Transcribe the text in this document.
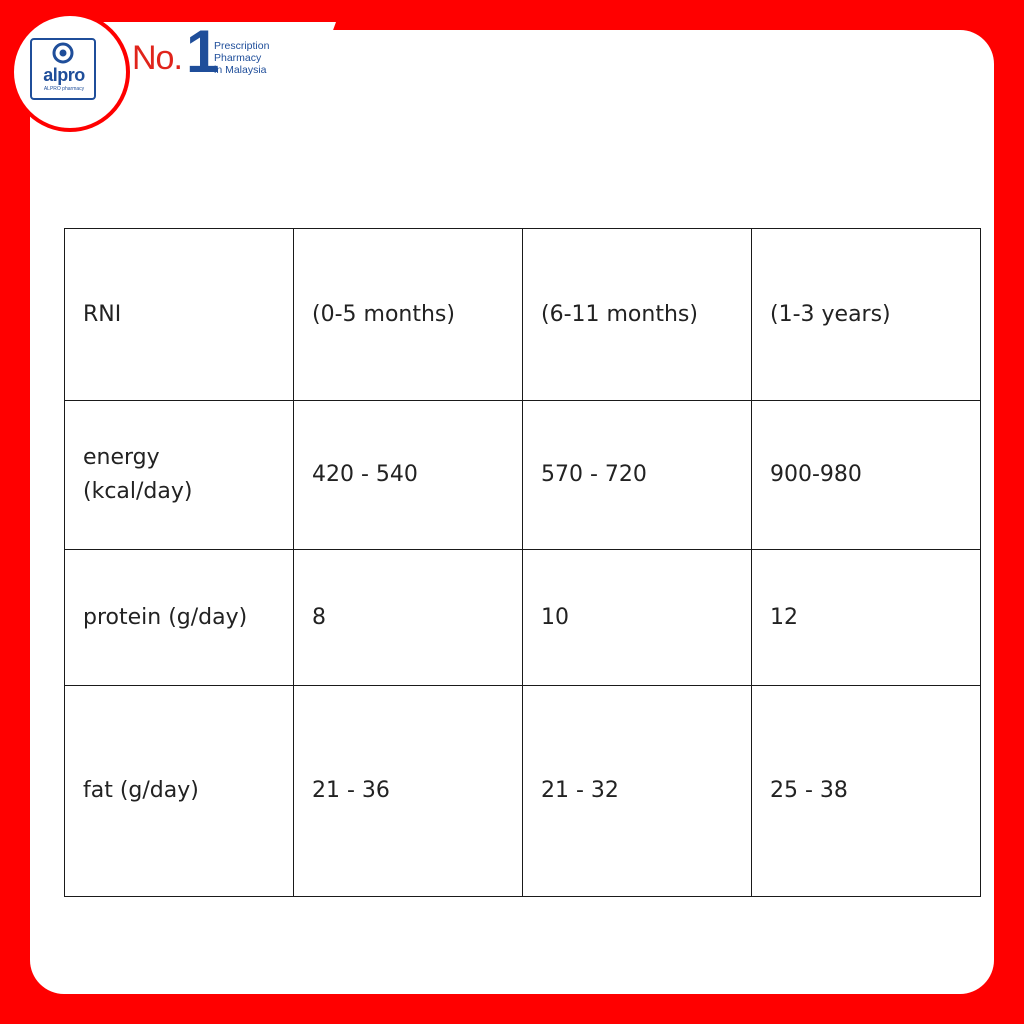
alpro
ALPRO pharmacy
No. 1
Prescription
Pharmacy
in Malaysia
RNI	(0-5 months)	(6-11 months)	(1-3 years)
energy (kcal/day)	420 - 540	570 - 720	900-980
protein (g/day)	8	10	12
fat (g/day)	21 - 36	21 - 32	25 - 38
